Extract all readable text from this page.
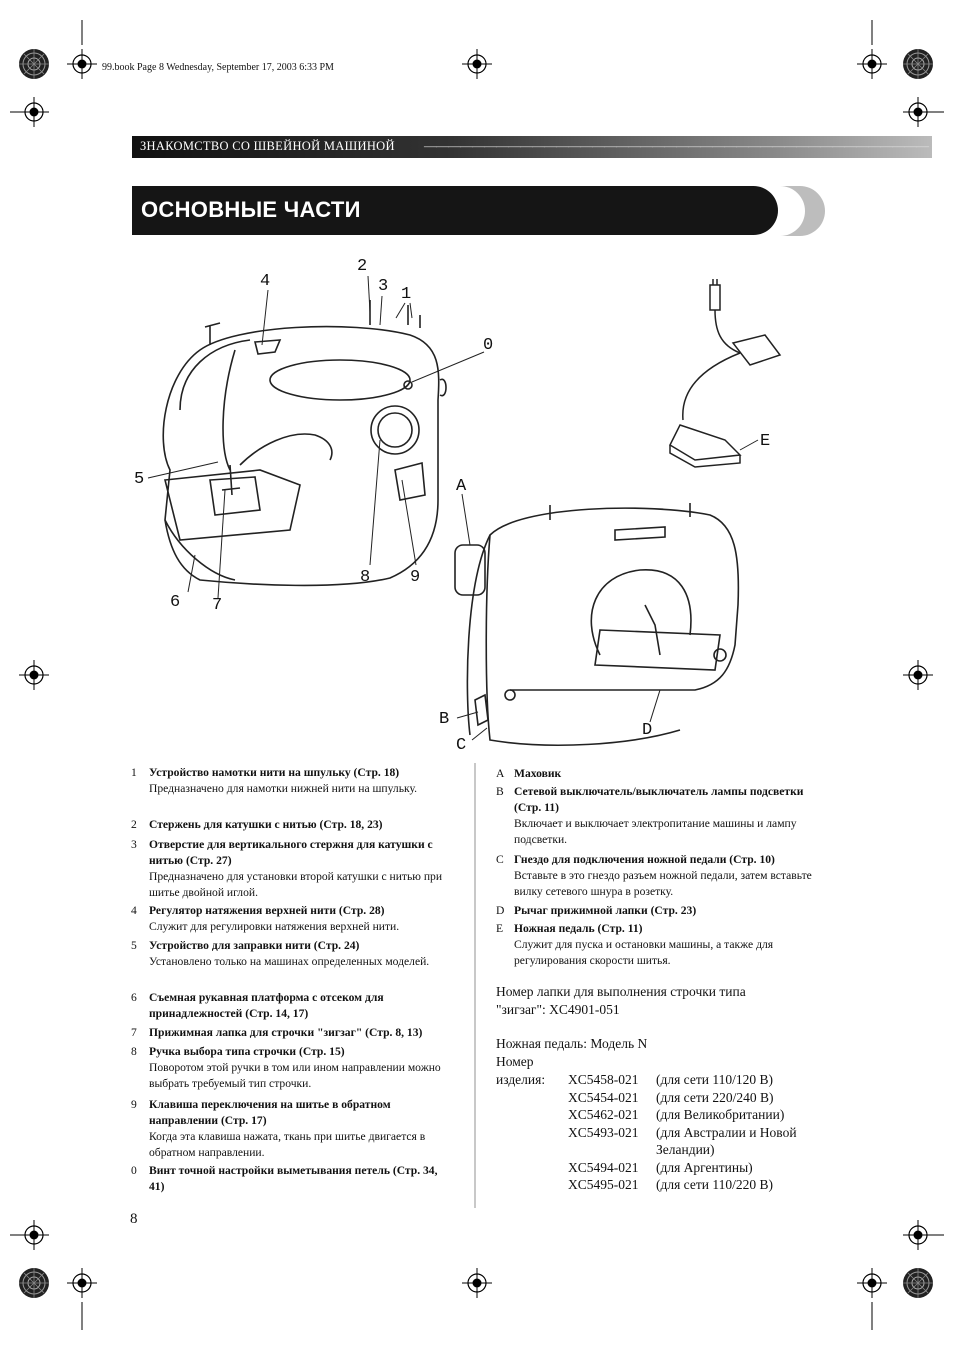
99.book Page 8 Wednesday, September 17, 2003 6:33 PM
ЗНАКОМСТВО СО ШВЕЙНОЙ МАШИНОЙ ——————————————————————————————————————————
ОСНОВНЫЕ ЧАСТИ
1
2
3
4
5
6 7
8 9
0
A
B
C
D
E
1 Устройство намотки нити на шпульку (Стр. 18)
Предназначено для намотки нижней нити на шпульку.
2 Стержень для катушки с нитью (Стр. 18, 23)
3 Отверстие для вертикального стержня для катушки с нитью (Стр. 27)
Предназначено для установки второй катушки с нитью при шитье двойной иглой.
4 Регулятор натяжения верхней нити (Стр. 28)
Служит для регулировки натяжения верхней нити.
5 Устройство для заправки нити (Стр. 24)
Установлено только на машинах определенных моделей.
6 Съемная рукавная платформа с отсеком для принадлежностей (Стр. 14, 17)
7 Прижимная лапка для строчки "зигзаг" (Стр. 8, 13)
8 Ручка выбора типа строчки (Стр. 15)
Поворотом этой ручки в том или ином направлении можно выбрать требуемый тип строчки.
9 Клавиша переключения на шитье в обратном направлении (Стр. 17)
Когда эта клавиша нажата, ткань при шитье двигается в обратном направлении.
0 Винт точной настройки выметывания петель (Стр. 34, 41)
A Маховик
B Сетевой выключатель/выключатель лампы подсветки (Стр. 11)
Включает и выключает электропитание машины и лампу подсветки.
C Гнездо для подключения ножной педали (Стр. 10)
Вставьте в это гнездо разъем ножной педали, затем вставьте вилку сетевого шнура в розетку.
D Рычаг прижимной лапки (Стр. 23)
E Ножная педаль (Стр. 11)
Служит для пуска и остановки машины, а также для регулирования скорости шитья.
Номер лапки для выполнения строчки типа "зигзаг": XC4901-051
Ножная педаль: Модель N
Номер
изделия: XC5458-021 (для сети 110/120 В)
XC5454-021 (для сети 220/240 В)
XC5462-021 (для Великобритании)
XC5493-021 (для Австралии и Новой
Зеландии)
XC5494-021 (для Аргентины)
XC5495-021 (для сети 110/220 В)
8
